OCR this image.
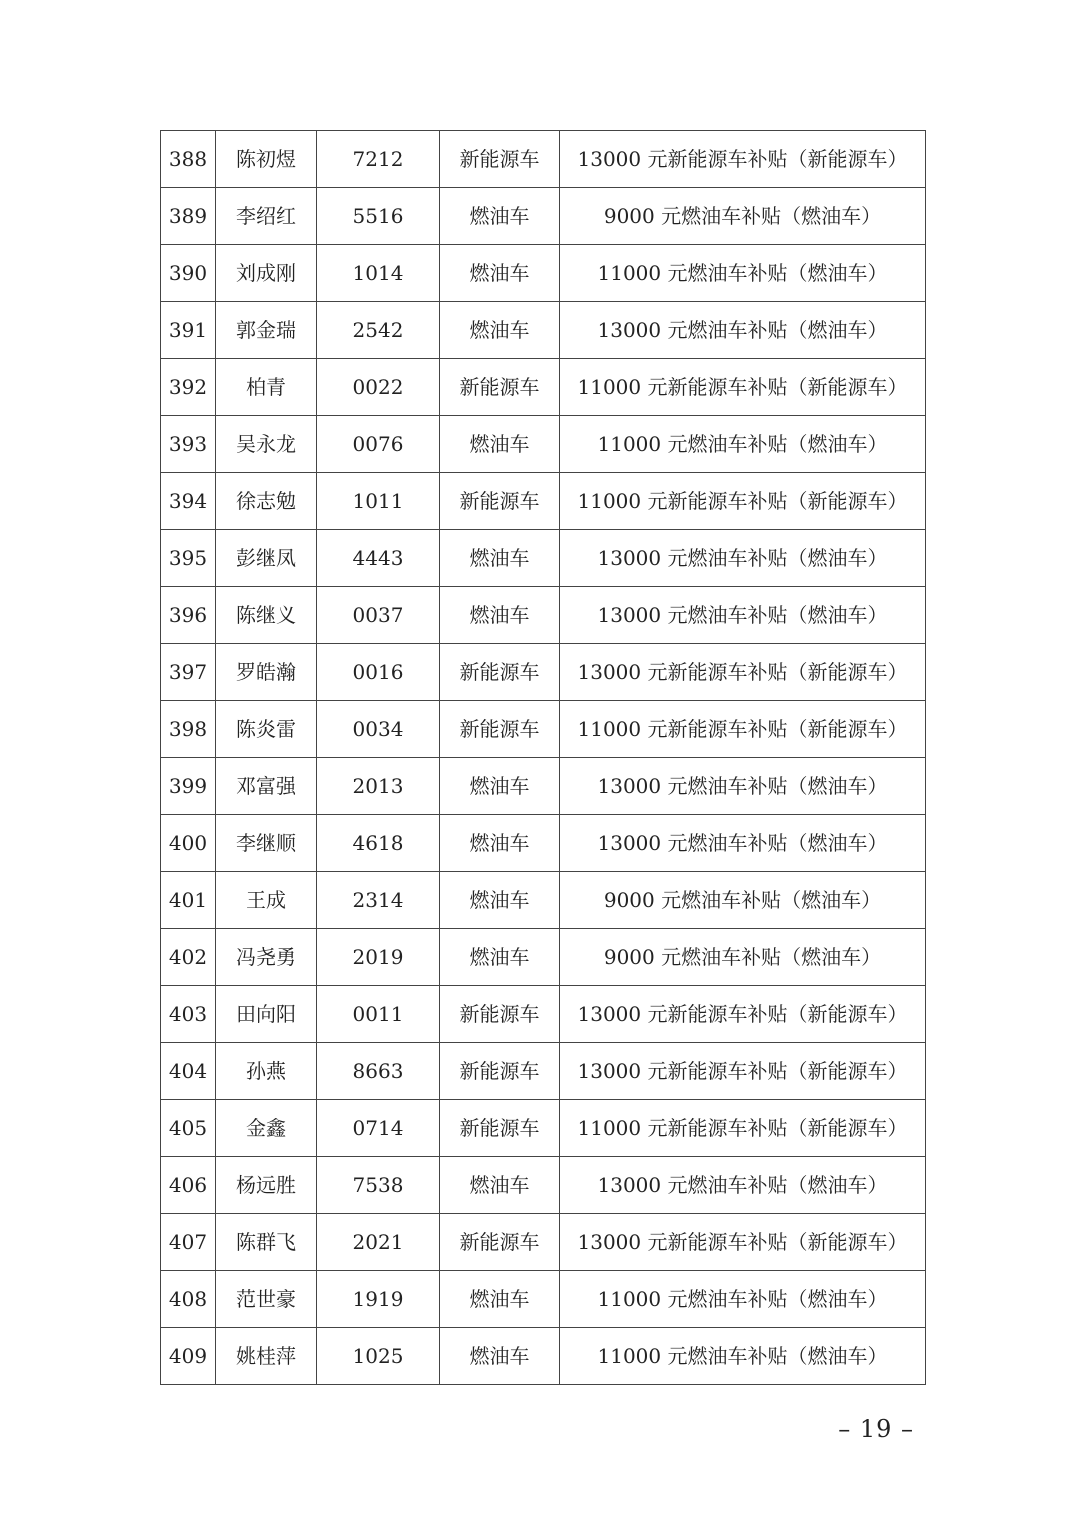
388	陈初煜	7212	新能源车	13000 元新能源车补贴（新能源车）
389	李绍红	5516	燃油车	9000 元燃油车补贴（燃油车）
390	刘成刚	1014	燃油车	11000 元燃油车补贴（燃油车）
391	郭金瑞	2542	燃油车	13000 元燃油车补贴（燃油车）
392	柏青	0022	新能源车	11000 元新能源车补贴（新能源车）
393	吴永龙	0076	燃油车	11000 元燃油车补贴（燃油车）
394	徐志勉	1011	新能源车	11000 元新能源车补贴（新能源车）
395	彭继凤	4443	燃油车	13000 元燃油车补贴（燃油车）
396	陈继义	0037	燃油车	13000 元燃油车补贴（燃油车）
397	罗皓瀚	0016	新能源车	13000 元新能源车补贴（新能源车）
398	陈炎雷	0034	新能源车	11000 元新能源车补贴（新能源车）
399	邓富强	2013	燃油车	13000 元燃油车补贴（燃油车）
400	李继顺	4618	燃油车	13000 元燃油车补贴（燃油车）
401	王成	2314	燃油车	9000 元燃油车补贴（燃油车）
402	冯尧勇	2019	燃油车	9000 元燃油车补贴（燃油车）
403	田向阳	0011	新能源车	13000 元新能源车补贴（新能源车）
404	孙燕	8663	新能源车	13000 元新能源车补贴（新能源车）
405	金鑫	0714	新能源车	11000 元新能源车补贴（新能源车）
406	杨远胜	7538	燃油车	13000 元燃油车补贴（燃油车）
407	陈群飞	2021	新能源车	13000 元新能源车补贴（新能源车）
408	范世豪	1919	燃油车	11000 元燃油车补贴（燃油车）
409	姚桂萍	1025	燃油车	11000 元燃油车补贴（燃油车）
– 19 –
